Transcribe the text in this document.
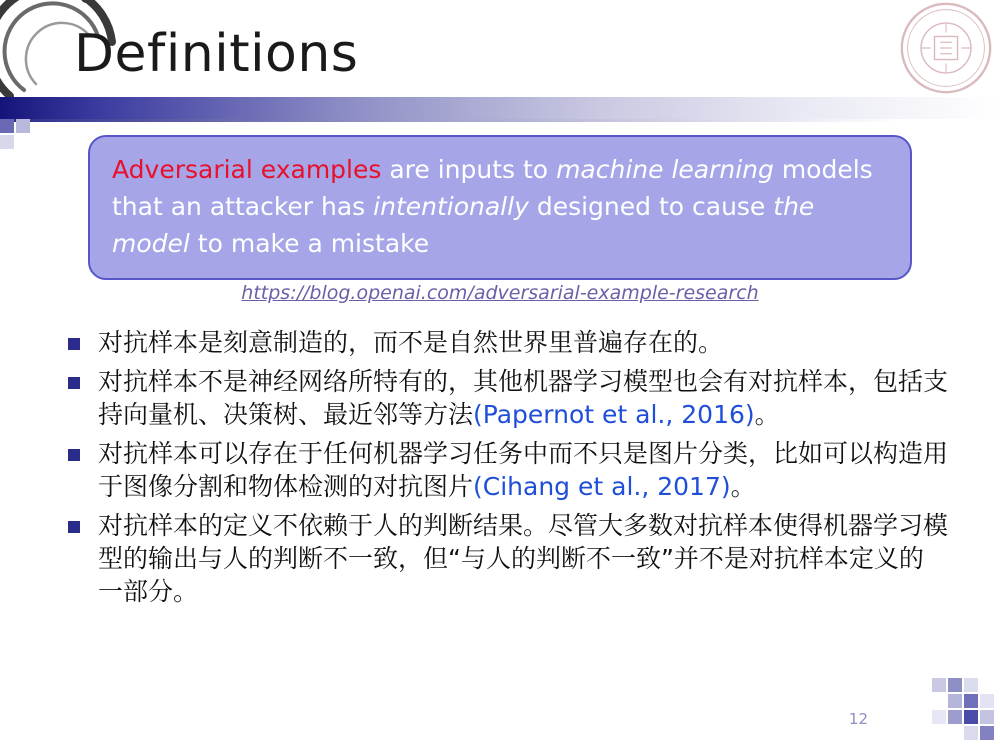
Definitions
Adversarial examples are inputs to machine learning models that an attacker has intentionally designed to cause the model to make a mistake
https://blog.openai.com/adversarial-example-research
对抗样本是刻意制造的，而不是自然世界里普遍存在的。
对抗样本不是神经网络所特有的，其他机器学习模型也会有对抗样本，包括支持向量机、决策树、最近邻等方法(Papernot et al., 2016)。
对抗样本可以存在于任何机器学习任务中而不只是图片分类，比如可以构造用于图像分割和物体检测的对抗图片(Cihang et al., 2017)。
对抗样本的定义不依赖于人的判断结果。尽管大多数对抗样本使得机器学习模型的输出与人的判断不一致，但“与人的判断不一致”并不是对抗样本定义的一部分。
12
